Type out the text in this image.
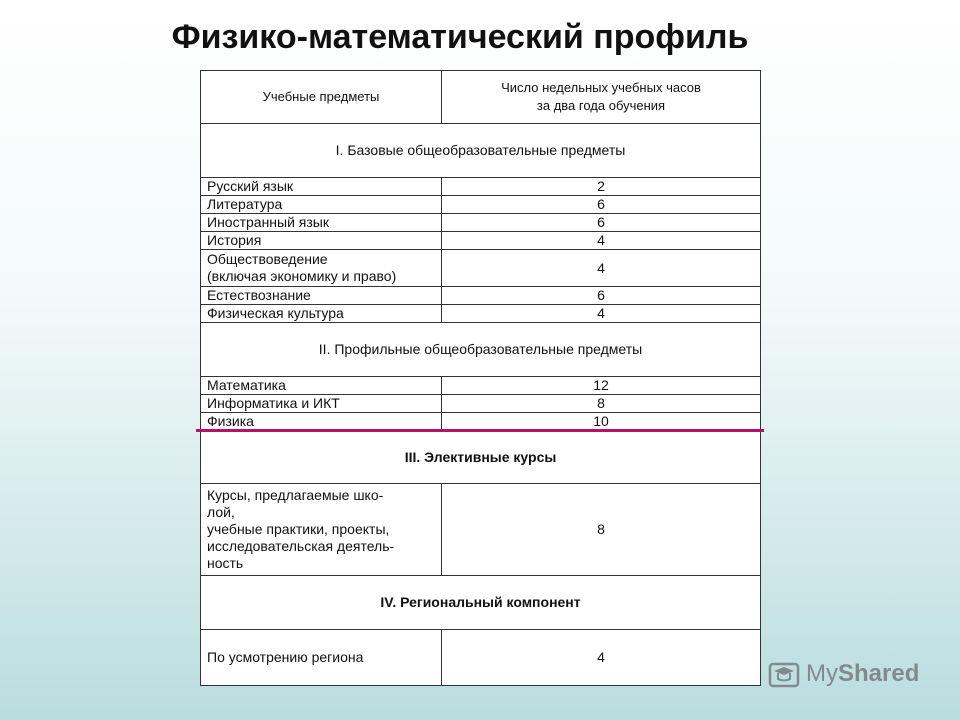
Физико-математический профиль
Учебные предметы	Число недельных учебных часов
за два года обучения
I. Базовые общеобразовательные предметы	
Русский язык	2
Литература	6
Иностранный язык	6
История	4
Обществоведение
(включая экономику и право)	4
Естествознание	6
Физическая культура	4
II. Профильные общеобразовательные предметы	
Математика	12
Информатика и ИКТ	8
Физика	10
III. Элективные курсы	
Курсы, предлагаемые шко-
лой,
учебные практики, проекты,
исследовательская деятель-
ность	8
IV. Региональный компонент	
По усмотрению региона	4
My Shared
